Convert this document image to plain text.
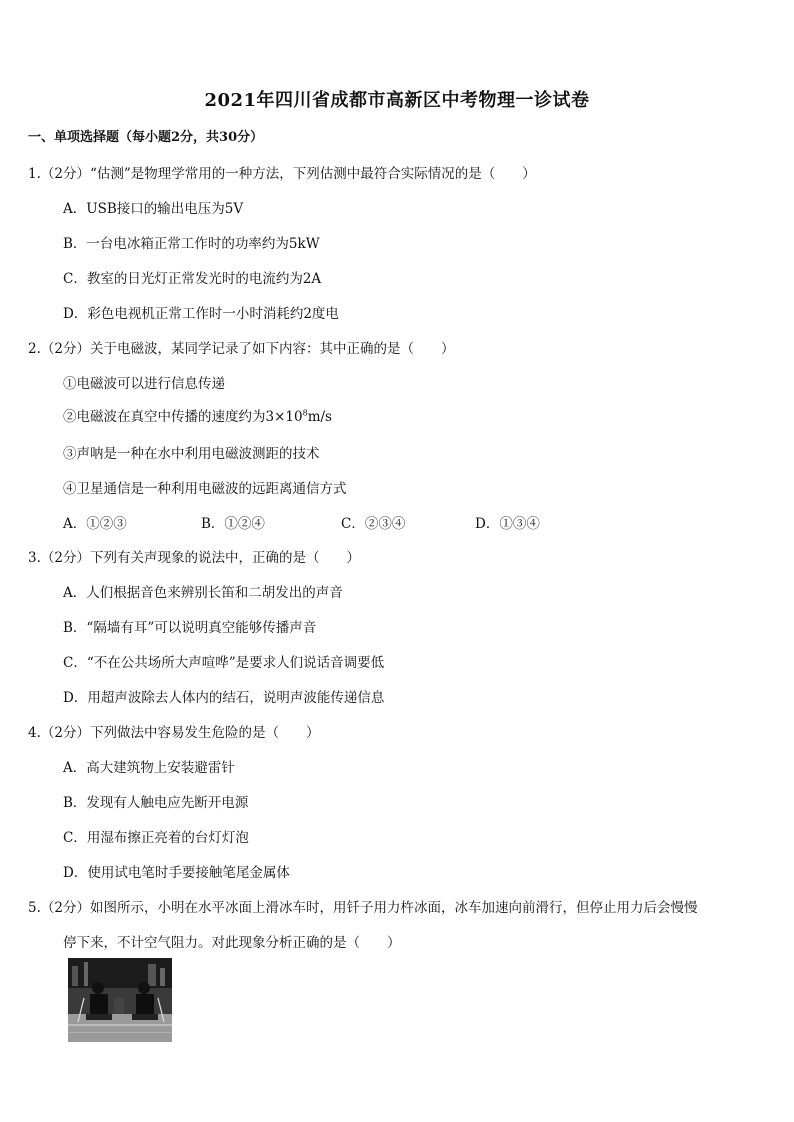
2021年四川省成都市高新区中考物理一诊试卷
一、单项选择题（每小题2分，共30分）
1.（2分）“估测”是物理学常用的一种方法，下列估测中最符合实际情况的是（　　）
A．USB接口的输出电压为5V
B．一台电冰箱正常工作时的功率约为5kW
C．教室的日光灯正常发光时的电流约为2A
D．彩色电视机正常工作时一小时消耗约2度电
2.（2分）关于电磁波，某同学记录了如下内容：其中正确的是（　　）
①电磁波可以进行信息传递
②电磁波在真空中传播的速度约为$3\times 10^8m/s$
③声呐是一种在水中利用电磁波测距的技术
④卫星通信是一种利用电磁波的远距离通信方式
A．①②③	B．①②④	C．②③④	D．①③④
3.（2分）下列有关声现象的说法中，正确的是（　　）
A．人们根据音色来辨别长笛和二胡发出的声音
B．“隔墙有耳”可以说明真空能够传播声音
C．“不在公共场所大声喧哗”是要求人们说话音调要低
D．用超声波除去人体内的结石，说明声波能传递信息
4.（2分）下列做法中容易发生危险的是（　　）
A．高大建筑物上安装避雷针
B．发现有人触电应先断开电源
C．用湿布擦正亮着的台灯灯泡
D．使用试电笔时手要接触笔尾金属体
5.（2分）如图所示，小明在水平冰面上滑冰车时，用钎子用力杵冰面，冰车加速向前滑行，但停止用力后会慢慢
停下来，不计空气阻力。对此现象分析正确的是（　　）
